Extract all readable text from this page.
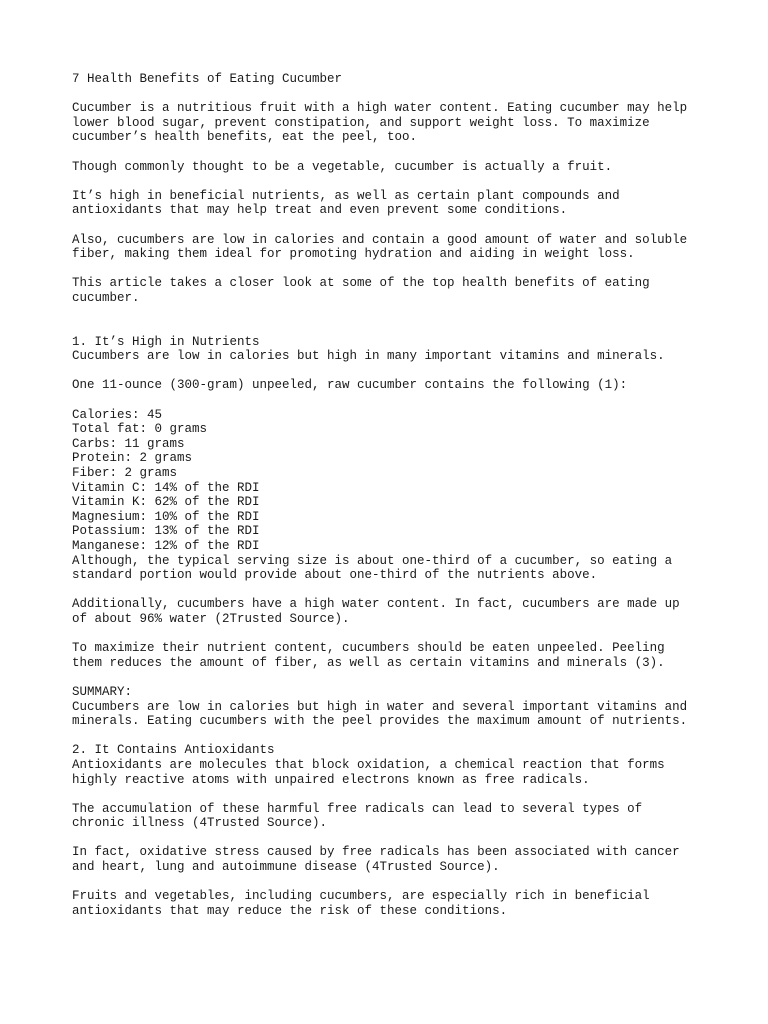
7 Health Benefits of Eating Cucumber
Cucumber is a nutritious fruit with a high water content. Eating cucumber may help
lower blood sugar, prevent constipation, and support weight loss. To maximize
cucumber’s health benefits, eat the peel, too.
Though commonly thought to be a vegetable, cucumber is actually a fruit.
It’s high in beneficial nutrients, as well as certain plant compounds and
antioxidants that may help treat and even prevent some conditions.
Also, cucumbers are low in calories and contain a good amount of water and soluble
fiber, making them ideal for promoting hydration and aiding in weight loss.
This article takes a closer look at some of the top health benefits of eating
cucumber.
1. It’s High in Nutrients
Cucumbers are low in calories but high in many important vitamins and minerals.
One 11-ounce (300-gram) unpeeled, raw cucumber contains the following (1):
Calories: 45
Total fat: 0 grams
Carbs: 11 grams
Protein: 2 grams
Fiber: 2 grams
Vitamin C: 14% of the RDI
Vitamin K: 62% of the RDI
Magnesium: 10% of the RDI
Potassium: 13% of the RDI
Manganese: 12% of the RDI
Although, the typical serving size is about one-third of a cucumber, so eating a
standard portion would provide about one-third of the nutrients above.
Additionally, cucumbers have a high water content. In fact, cucumbers are made up
of about 96% water (2Trusted Source).
To maximize their nutrient content, cucumbers should be eaten unpeeled. Peeling
them reduces the amount of fiber, as well as certain vitamins and minerals (3).
SUMMARY:
Cucumbers are low in calories but high in water and several important vitamins and
minerals. Eating cucumbers with the peel provides the maximum amount of nutrients.
2. It Contains Antioxidants
Antioxidants are molecules that block oxidation, a chemical reaction that forms
highly reactive atoms with unpaired electrons known as free radicals.
The accumulation of these harmful free radicals can lead to several types of
chronic illness (4Trusted Source).
In fact, oxidative stress caused by free radicals has been associated with cancer
and heart, lung and autoimmune disease (4Trusted Source).
Fruits and vegetables, including cucumbers, are especially rich in beneficial
antioxidants that may reduce the risk of these conditions.
